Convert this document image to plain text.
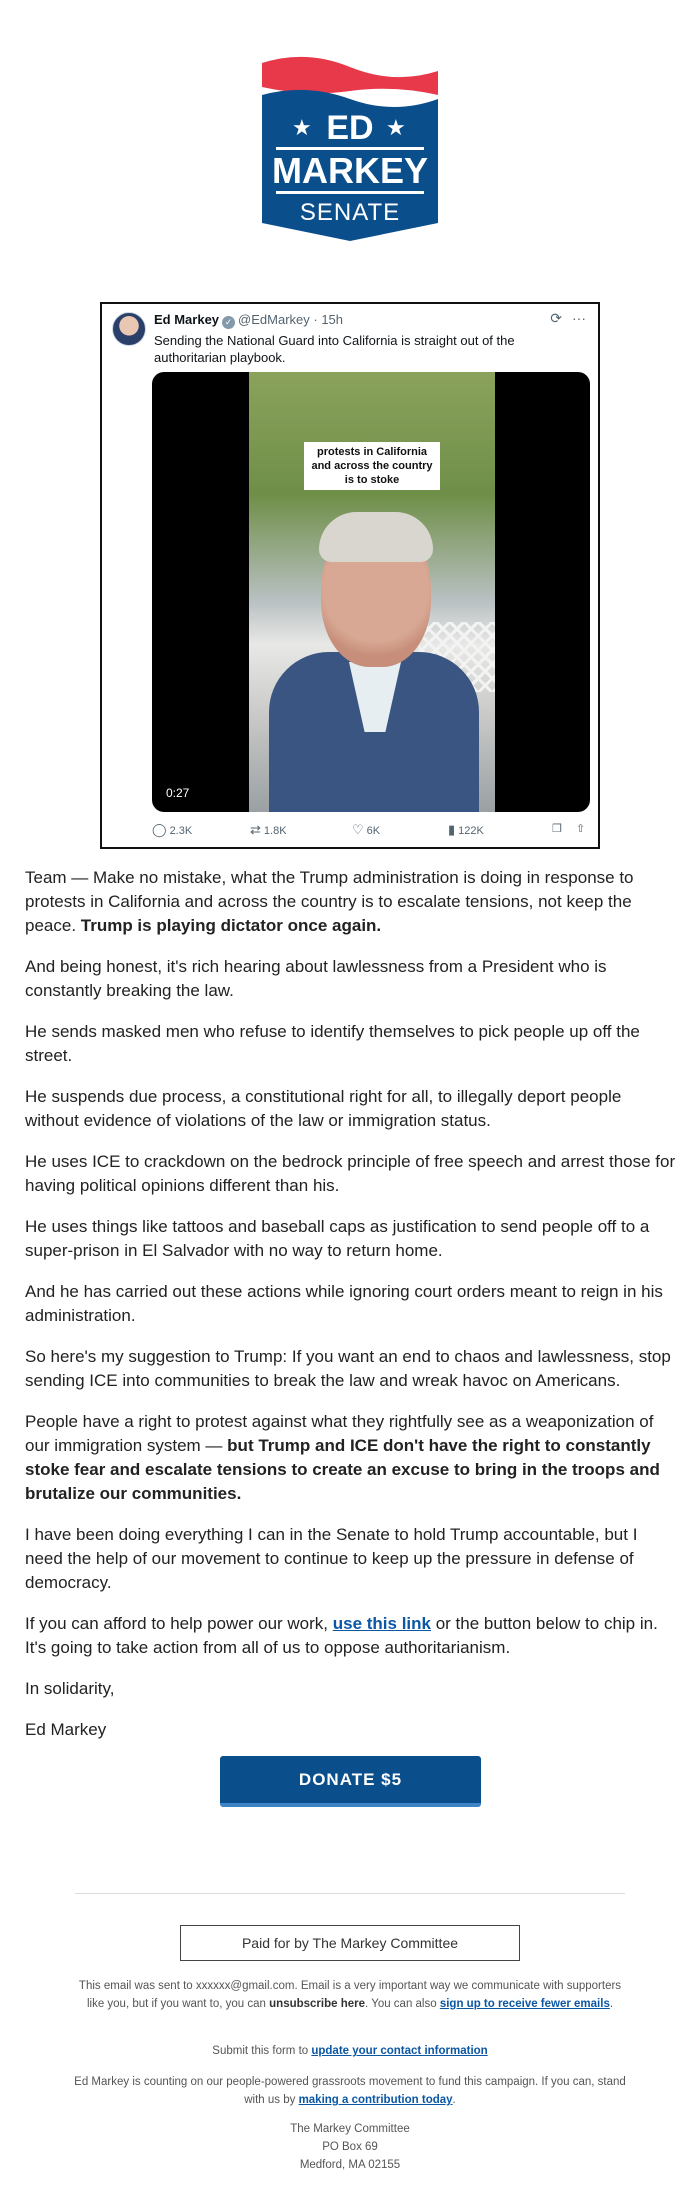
★ ED ★
MARKEY
SENATE
Ed Markey ✓ @EdMarkey · 15h	⟳ ···
Sending the National Guard into California is straight out of the authoritarian playbook.
protests in California and across the country is to stoke
0:27
◯ 2.3K	⇄ 1.8K	♡ 6K	▮ 122K	❒ ⇧

Team — Make no mistake, what the Trump administration is doing in response to protests in California and across the country is to escalate tensions, not keep the peace. Trump is playing dictator once again.

And being honest, it's rich hearing about lawlessness from a President who is constantly breaking the law.

He sends masked men who refuse to identify themselves to pick people up off the street.

He suspends due process, a constitutional right for all, to illegally deport people without evidence of violations of the law or immigration status.

He uses ICE to crackdown on the bedrock principle of free speech and arrest those for having political opinions different than his.

He uses things like tattoos and baseball caps as justification to send people off to a super-prison in El Salvador with no way to return home.

And he has carried out these actions while ignoring court orders meant to reign in his administration.

So here's my suggestion to Trump: If you want an end to chaos and lawlessness, stop sending ICE into communities to break the law and wreak havoc on Americans.

People have a right to protest against what they rightfully see as a weaponization of our immigration system — but Trump and ICE don't have the right to constantly stoke fear and escalate tensions to create an excuse to bring in the troops and brutalize our communities.

I have been doing everything I can in the Senate to hold Trump accountable, but I need the help of our movement to continue to keep up the pressure in defense of democracy.

If you can afford to help power our work, use this link or the button below to chip in. It's going to take action from all of us to oppose authoritarianism.

In solidarity,

Ed Markey

DONATE $5
Paid for by The Markey Committee
This email was sent to xxxxxx@gmail.com. Email is a very important way we communicate with supporters like you, but if you want to, you can unsubscribe here. You can also sign up to receive fewer emails.
Submit this form to update your contact information
Ed Markey is counting on our people-powered grassroots movement to fund this campaign. If you can, stand with us by making a contribution today.
The Markey Committee
PO Box 69
Medford, MA 02155
